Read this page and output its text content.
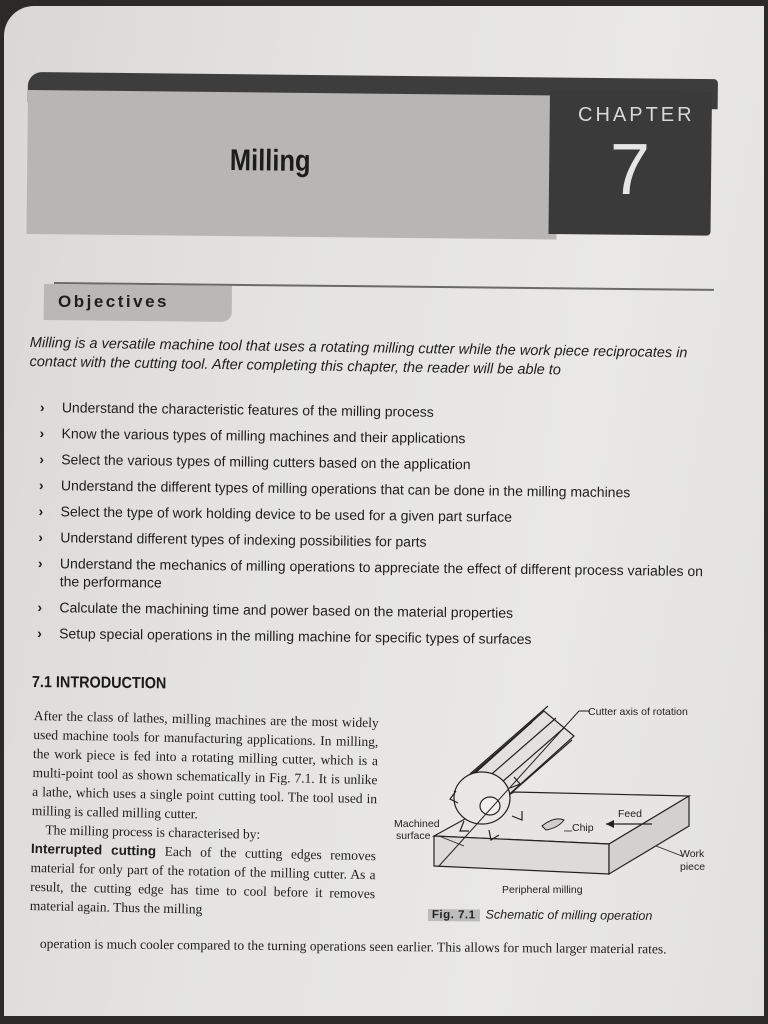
Milling
CHAPTER
7
Objectives
Milling is a versatile machine tool that uses a rotating milling cutter while the work piece reciprocates in contact with the cutting tool. After completing this chapter, the reader will be able to
› Understand the characteristic features of the milling process
› Know the various types of milling machines and their applications
› Select the various types of milling cutters based on the application
› Understand the different types of milling operations that can be done in the milling machines
› Select the type of work holding device to be used for a given part surface
› Understand different types of indexing possibilities for parts
› Understand the mechanics of milling operations to appreciate the effect of different process variables on the performance
› Calculate the machining time and power based on the material properties
› Setup special operations in the milling machine for specific types of surfaces
7.1 INTRODUCTION

After the class of lathes, milling machines are the most widely used machine tools for manufacturing applications. In milling, the work piece is fed into a rotating milling cutter, which is a multi-point tool as shown schematically in Fig. 7.1. It is unlike a lathe, which uses a single point cutting tool. The tool used in milling is called milling cutter.

The milling process is characterised by:

Interrupted cutting Each of the cutting edges removes material for only part of the rotation of the milling cutter. As a result, the cutting edge has time to cool before it removes material again. Thus the milling

operation is much cooler compared to the turning operations seen earlier. This allows for much larger material rates.
Cutter axis of rotation
Feed
Machined
surface
Chip
Work
piece
Peripheral milling
Fig. 7.1 Schematic of milling operation
